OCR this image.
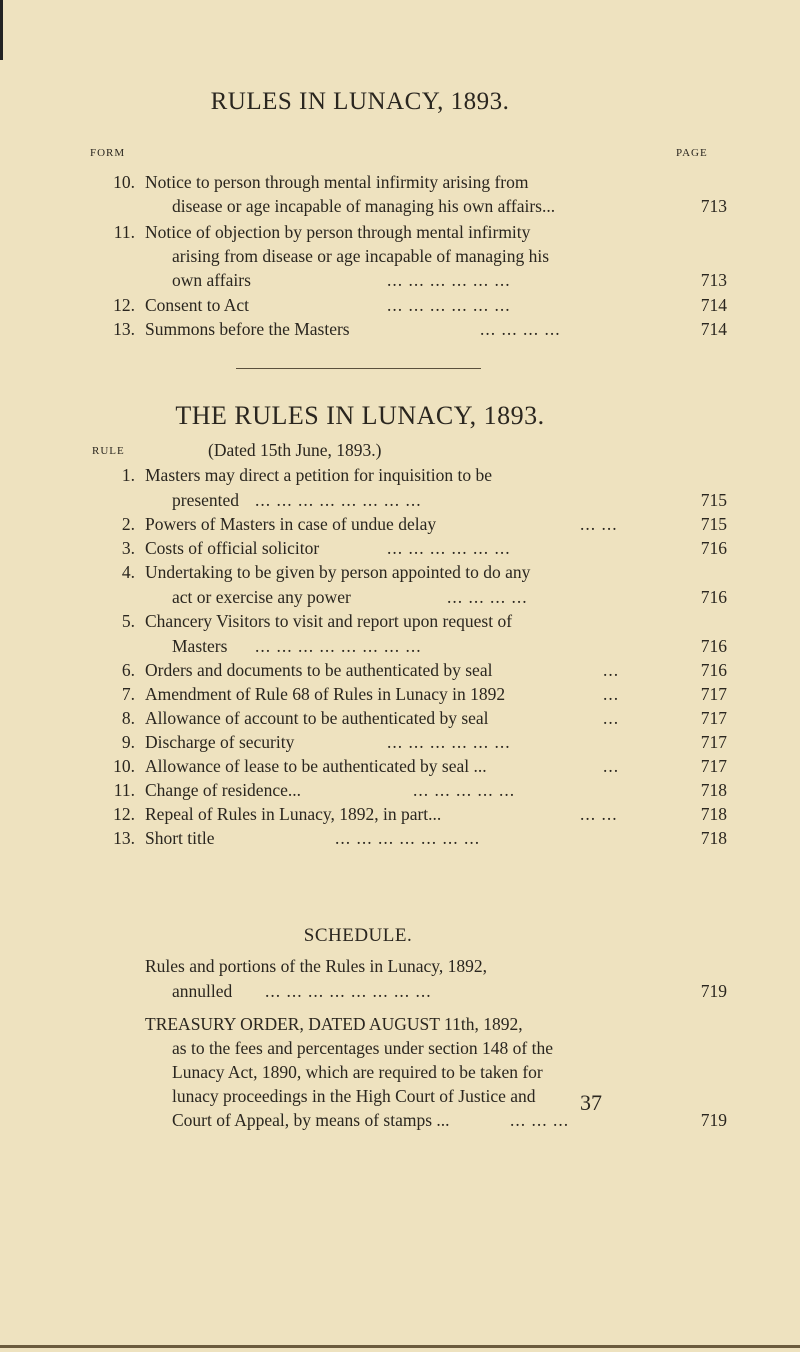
RULES IN LUNACY, 1893.
FORM	PAGE
10. Notice to person through mental infirmity arising from
disease or age incapable of managing his own affairs...	713
11. Notice of objection by person through mental infirmity
arising from disease or age incapable of managing his
own affairs	... ... ... ... ... ...	713
12. Consent to Act	... ... ... ... ... ...	714
13. Summons before the Masters	... ... ... ...	714
THE RULES IN LUNACY, 1893.
RULE	(Dated 15th June, 1893.)
1. Masters may direct a petition for inquisition to be
presented ... ... ... ... ... ... ... ...	715
2. Powers of Masters in case of undue delay	... ...	715
3. Costs of official solicitor	... ... ... ... ... ...	716
4. Undertaking to be given by person appointed to do any
act or exercise any power	... ... ... ...	716
5. Chancery Visitors to visit and report upon request of
Masters ... ... ... ... ... ... ... ...	716
6. Orders and documents to be authenticated by seal	...	716
7. Amendment of Rule 68 of Rules in Lunacy in 1892	...	717
8. Allowance of account to be authenticated by seal	...	717
9. Discharge of security	... ... ... ... ... ...	717
10. Allowance of lease to be authenticated by seal ...	...	717
11. Change of residence...	... ... ... ... ...	718
12. Repeal of Rules in Lunacy, 1892, in part...	... ...	718
13. Short title	... ... ... ... ... ... ...	718
SCHEDULE.
Rules and portions of the Rules in Lunacy, 1892,
annulled ... ... ... ... ... ... ... ...	719
TREASURY ORDER, DATED AUGUST 11th, 1892,
as to the fees and percentages under section 148 of the
Lunacy Act, 1890, which are required to be taken for
lunacy proceedings in the High Court of Justice and
Court of Appeal, by means of stamps ...	... ... ...	719
37
